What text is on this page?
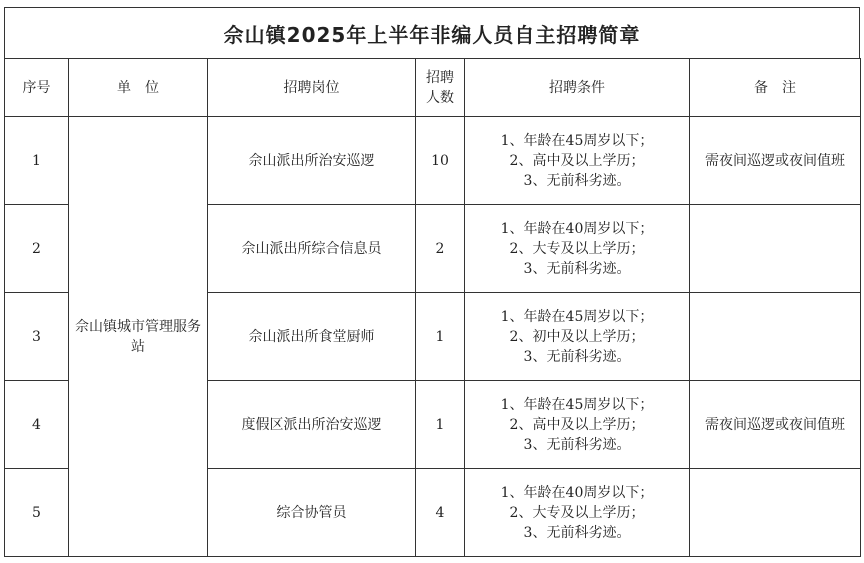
佘山镇2025年上半年非编人员自主招聘简章
序号	单　位	招聘岗位	招聘
人数	招聘条件	备　注
1	佘山镇城市管理服务站	佘山派出所治安巡逻	10	1、年龄在45周岁以下；
2、高中及以上学历；
3、无前科劣迹。	需夜间巡逻或夜间值班
2		佘山派出所综合信息员	2	1、年龄在40周岁以下；
2、大专及以上学历；
3、无前科劣迹。	

3		佘山派出所食堂厨师	1	1、年龄在45周岁以下；
2、初中及以上学历；
3、无前科劣迹。	

4		度假区派出所治安巡逻	1	1、年龄在45周岁以下；
2、高中及以上学历；
3、无前科劣迹。	需夜间巡逻或夜间值班
5		综合协管员	4	1、年龄在40周岁以下；
2、大专及以上学历；
3、无前科劣迹。	
